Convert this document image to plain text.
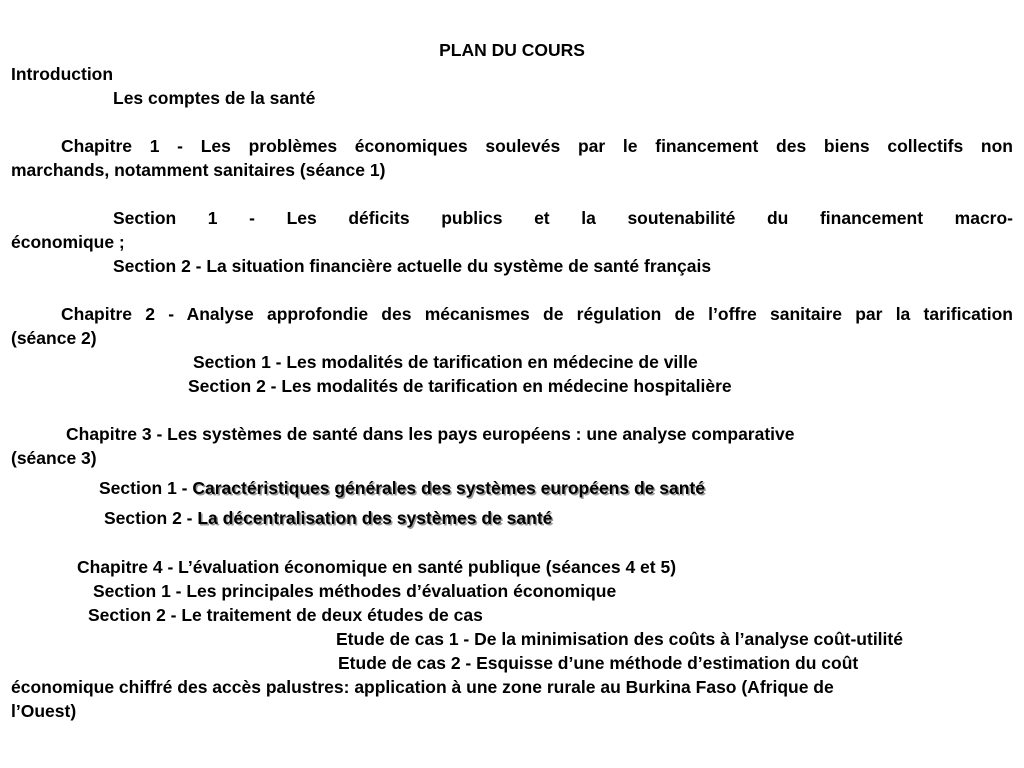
PLAN DU COURS

Introduction

Les comptes de la santé

Chapitre 1 - Les problèmes économiques soulevés par le financement des biens collectifs non

marchands, notamment sanitaires (séance 1)

Section 1 - Les déficits publics et la soutenabilité du financement macro-

économique ;

Section 2 - La situation financière actuelle du système de santé français

Chapitre 2 - Analyse approfondie des mécanismes de régulation de l’offre sanitaire par la tarification

(séance 2)

Section 1 - Les modalités de tarification en médecine de ville

Section 2 - Les modalités de tarification en médecine hospitalière

Chapitre 3 - Les systèmes de santé dans les pays européens : une analyse comparative

(séance 3)

Section 1 - Caractéristiques générales des systèmes européens de santé

Section 2 - La décentralisation des systèmes de santé

Chapitre 4 - L’évaluation économique en santé publique (séances 4 et 5)

Section 1 - Les principales méthodes d’évaluation économique

Section 2 - Le traitement de deux études de cas

Etude de cas 1 - De la minimisation des coûts à l’analyse coût-utilité

Etude de cas 2 - Esquisse d’une méthode d’estimation du coût

économique chiffré des accès palustres: application à une zone rurale au Burkina Faso (Afrique de

l’Ouest)
